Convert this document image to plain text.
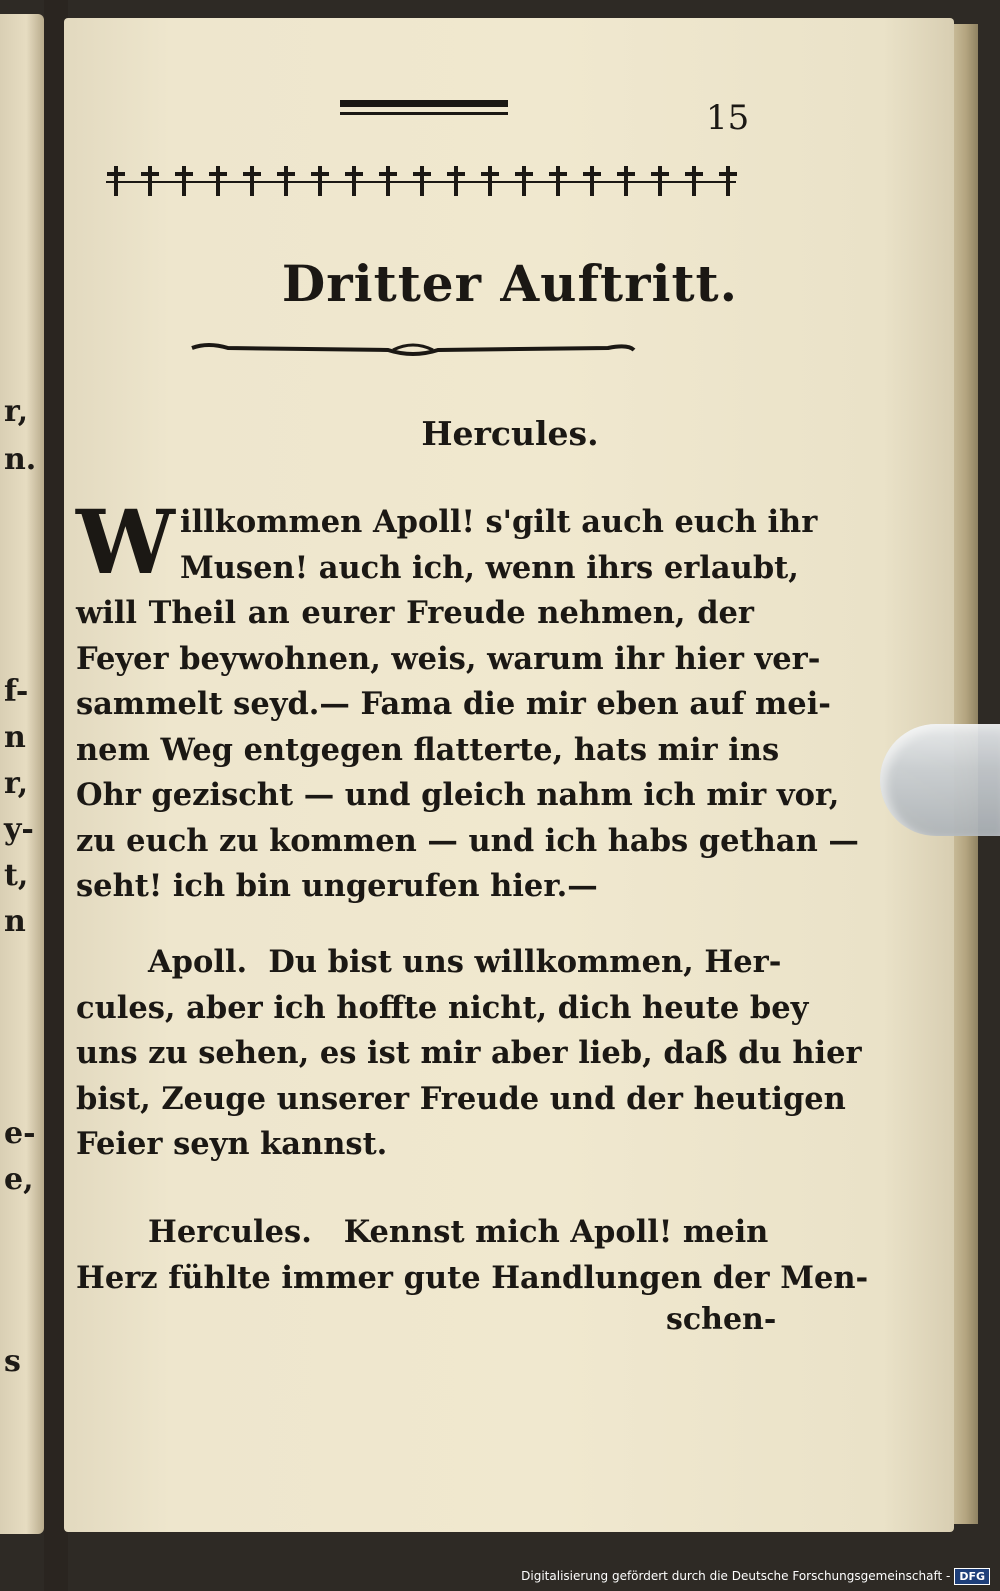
r,
n.
f-
n
r,
y-
t,
n
e-
e,
s
15
Dritter Auftritt.
Hercules.
W illkommen Apoll! s'gilt auch euch ihr
Musen! auch ich, wenn ihrs erlaubt,
will Theil an eurer Freude nehmen, der
Feyer beywohnen, weis, warum ihr hier ver-
sammelt seyd.— Fama die mir eben auf mei-
nem Weg entgegen flatterte, hats mir ins
Ohr gezischt — und gleich nahm ich mir vor,
zu euch zu kommen — und ich habs gethan —
seht! ich bin ungerufen hier.—
Apoll. Du bist uns willkommen, Her-
cules, aber ich hoffte nicht, dich heute bey
uns zu sehen, es ist mir aber lieb, daß du hier
bist, Zeuge unserer Freude und der heutigen
Feier seyn kannst.
Hercules. Kennst mich Apoll! mein
Herz fühlte immer gute Handlungen der Men-
schen-
Digitalisierung gefördert durch die Deutsche Forschungsgemeinschaft - DFG
